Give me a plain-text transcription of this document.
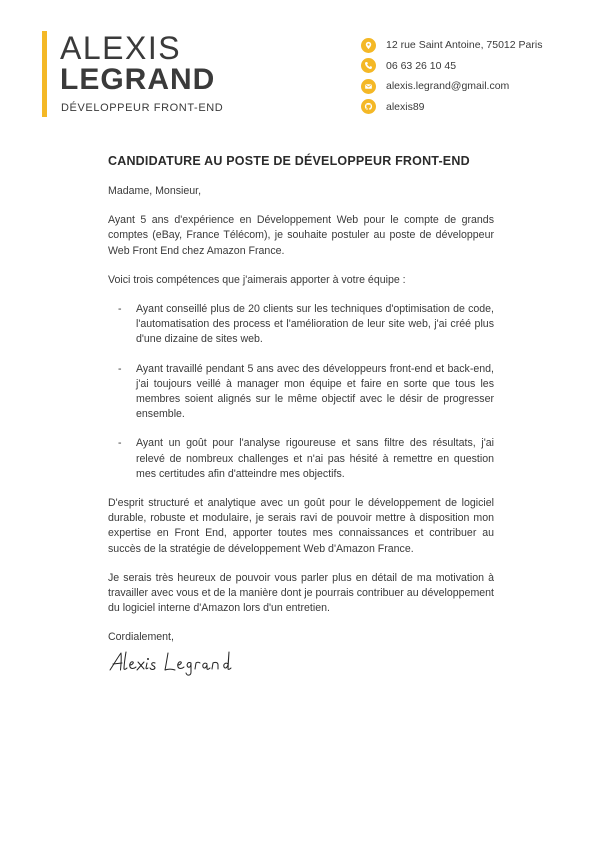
ALEXIS
LEGRAND
DÉVELOPPEUR FRONT-END
12 rue Saint Antoine, 75012 Paris
06 63 26 10 45
alexis.legrand@gmail.com
alexis89
CANDIDATURE AU POSTE DE DÉVELOPPEUR FRONT-END

Madame, Monsieur,

Ayant 5 ans d'expérience en Développement Web pour le compte de grands comptes (eBay, France Télécom), je souhaite postuler au poste de développeur Web Front End chez Amazon France.

Voici trois compétences que j'aimerais apporter à votre équipe :

- Ayant conseillé plus de 20 clients sur les techniques d'optimisation de code, l'automatisation des process et l'amélioration de leur site web, j'ai créé plus d'une dizaine de sites web.
- Ayant travaillé pendant 5 ans avec des développeurs front-end et back-end, j'ai toujours veillé à manager mon équipe et faire en sorte que tous les membres soient alignés sur le même objectif avec le désir de progresser ensemble.
- Ayant un goût pour l'analyse rigoureuse et sans filtre des résultats, j'ai relevé de nombreux challenges et n'ai pas hésité à remettre en question mes certitudes afin d'atteindre mes objectifs.

D'esprit structuré et analytique avec un goût pour le développement de logiciel durable, robuste et modulaire, je serais ravi de pouvoir mettre à disposition mon expertise en Front End, apporter toutes mes connaissances et contribuer au succès de la stratégie de développement Web d'Amazon France.

Je serais très heureux de pouvoir vous parler plus en détail de ma motivation à travailler avec vous et de la manière dont je pourrais contribuer au développement du logiciel interne d'Amazon lors d'un entretien.

Cordialement,
